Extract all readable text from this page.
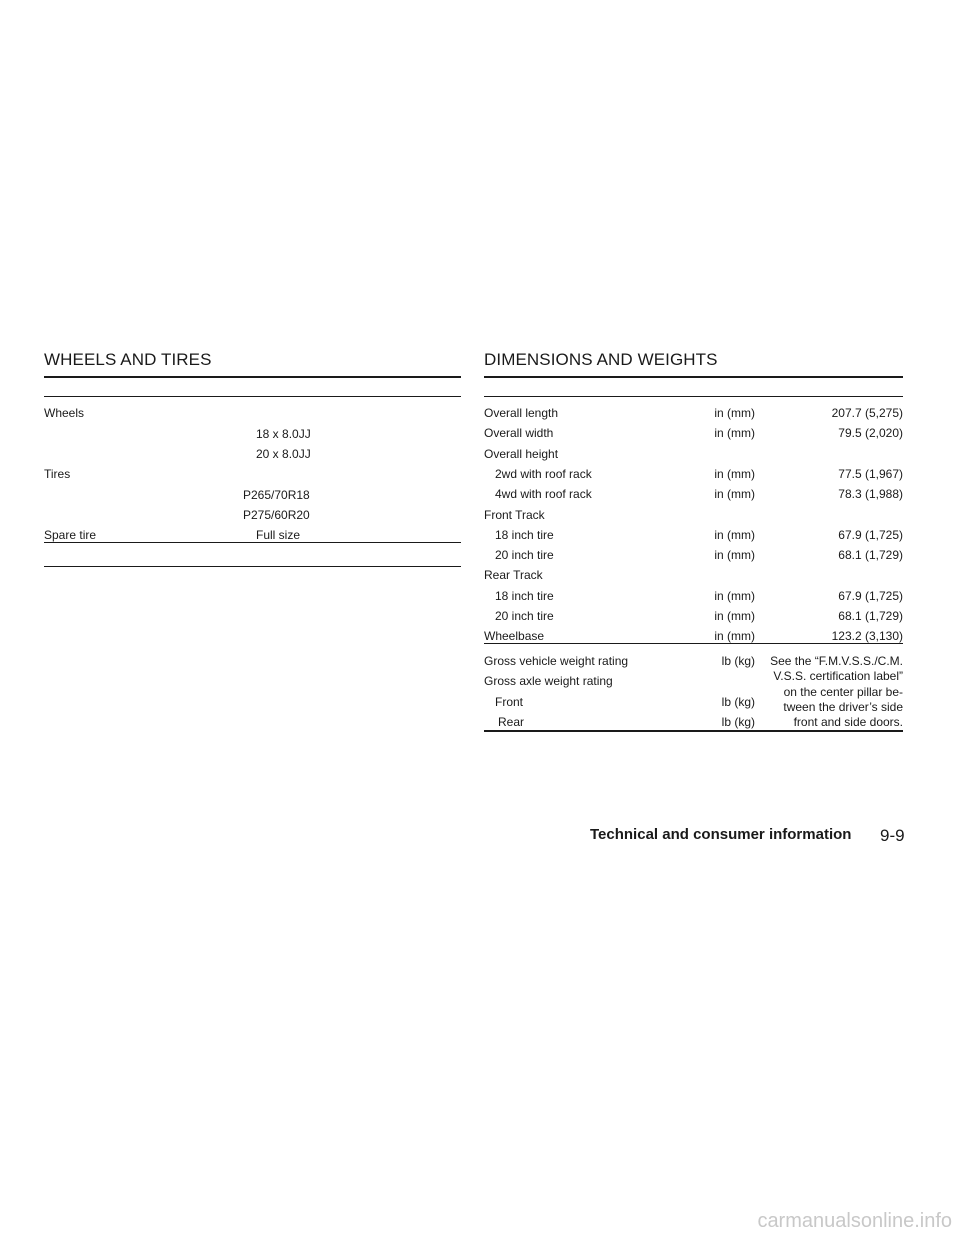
WHEELS AND TIRES
Wheels
18 x 8.0JJ
20 x 8.0JJ
Tires
P265/70R18
P275/60R20
Spare tire	Full size
DIMENSIONS AND WEIGHTS
Overall length	in (mm)	207.7 (5,275)
Overall width	in (mm)	79.5 (2,020)
Overall height
2wd with roof rack	in (mm)	77.5 (1,967)
4wd with roof rack	in (mm)	78.3 (1,988)
Front Track
18 inch tire	in (mm)	67.9 (1,725)
20 inch tire	in (mm)	68.1 (1,729)
Rear Track
18 inch tire	in (mm)	67.9 (1,725)
20 inch tire	in (mm)	68.1 (1,729)
Wheelbase	in (mm)	123.2 (3,130)
Gross vehicle weight rating	lb (kg)
Gross axle weight rating
Front	lb (kg)
Rear	lb (kg)
See the “F.M.V.S.S./C.M.
V.S.S. certification label”
on the center pillar be-
tween the driver’s side
front and side doors.
Technical and consumer information 9-9
carmanualsonline.info
